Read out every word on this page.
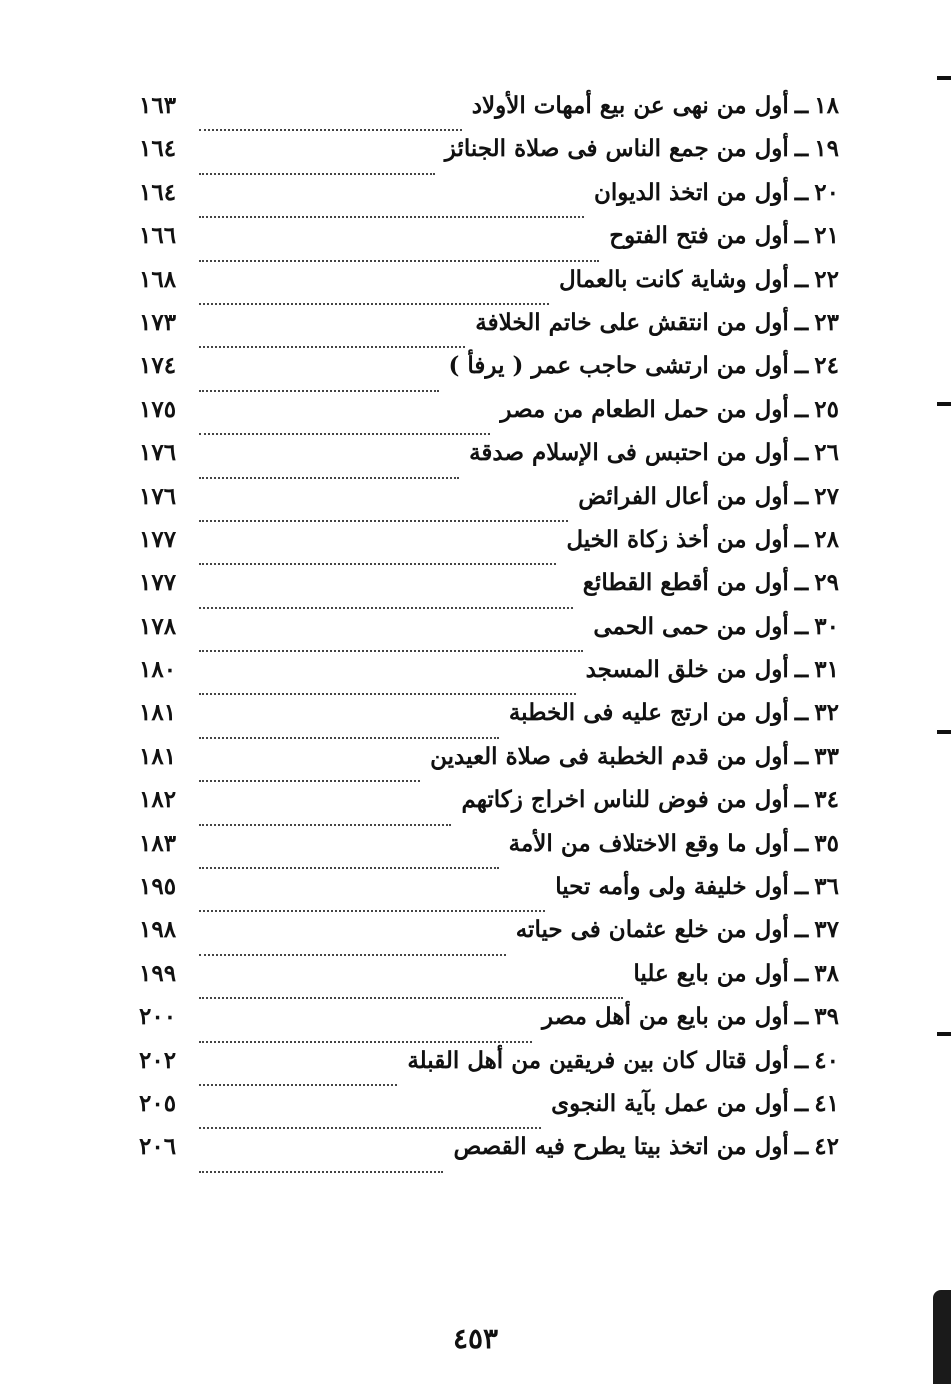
١٨
ــ
أول من نهى عن بيع أمهات الأولاد
١٦٣
١٩
ــ
أول من جمع الناس فى صلاة الجنائز
١٦٤
٢٠
ــ
أول من اتخذ الديوان
١٦٤
٢١
ــ
أول من فتح الفتوح
١٦٦
٢٢
ــ
أول وشاية كانت بالعمال
١٦٨
٢٣
ــ
أول من انتقش على خاتم الخلافة
١٧٣
٢٤
ــ
أول من ارتشى حاجب عمر ( يرفأ )
١٧٤
٢٥
ــ
أول من حمل الطعام من مصر
١٧٥
٢٦
ــ
أول من احتبس فى الإسلام صدقة
١٧٦
٢٧
ــ
أول من أعال الفرائض
١٧٦
٢٨
ــ
أول من أخذ زكاة الخيل
١٧٧
٢٩
ــ
أول من أقطع القطائع
١٧٧
٣٠
ــ
أول من حمى الحمى
١٧٨
٣١
ــ
أول من خلق المسجد
١٨٠
٣٢
ــ
أول من ارتج عليه فى الخطبة
١٨١
٣٣
ــ
أول من قدم الخطبة فى صلاة العيدين
١٨١
٣٤
ــ
أول من فوض للناس اخراج زكاتهم
١٨٢
٣٥
ــ
أول ما وقع الاختلاف من الأمة
١٨٣
٣٦
ــ
أول خليفة ولى وأمه تحيا
١٩٥
٣٧
ــ
أول من خلع عثمان فى حياته
١٩٨
٣٨
ــ
أول من بايع عليا
١٩٩
٣٩
ــ
أول من بايع من أهل مصر
٢٠٠
٤٠
ــ
أول قتال كان بين فريقين من أهل القبلة
٢٠٢
٤١
ــ
أول من عمل بآية النجوى
٢٠٥
٤٢
ــ
أول من اتخذ بيتا يطرح فيه القصص
٢٠٦
٤٥٣
